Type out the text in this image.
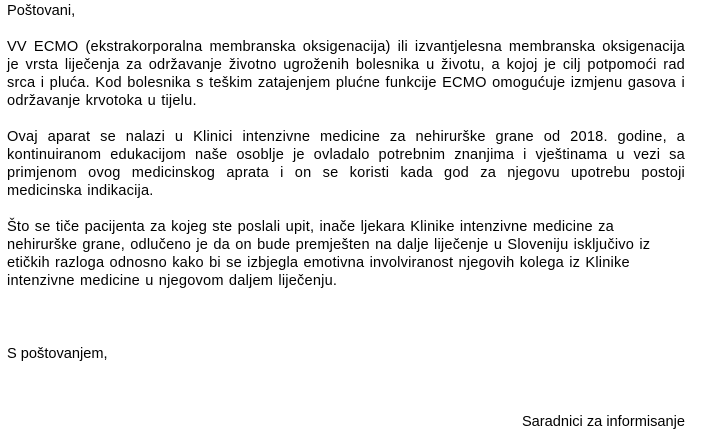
Poštovani,

VV ECMO (ekstrakorporalna membranska oksigenacija) ili izvantjelesna membranska oksigenacija je vrsta liječenja za održavanje životno ugroženih bolesnika u životu, a kojoj je cilj potpomoći rad srca i pluća. Kod bolesnika s teškim zatajenjem plućne funkcije ECMO omogućuje izmjenu gasova i održavanje krvotoka u tijelu.

Ovaj aparat se nalazi u Klinici intenzivne medicine za nehirurške grane od 2018. godine, a kontinuiranom edukacijom naše osoblje je ovladalo potrebnim znanjima i vještinama u vezi sa primjenom ovog medicinskog aprata i on se koristi kada god za njegovu upotrebu postoji medicinska indikacija.

Što se tiče pacijenta za kojeg ste poslali upit, inače ljekara Klinike intenzivne medicine za nehirurške grane, odlučeno je da on bude premješten na dalje liječenje u Sloveniju isključivo iz etičkih razloga odnosno kako bi se izbjegla emotivna involviranost njegovih kolega iz Klinike intenzivne medicine u njegovom daljem liječenju.

S poštovanjem,
Saradnici za informisanje
